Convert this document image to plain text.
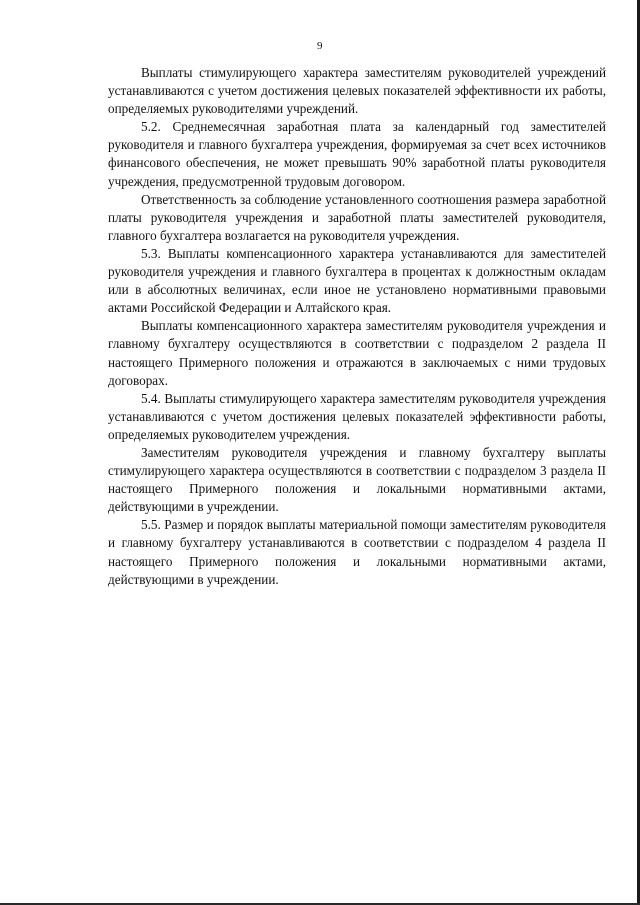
9

Выплаты стимулирующего характера заместителям руководителей учреждений устанавливаются с учетом достижения целевых показателей эффективности их работы, определяемых руководителями учреждений.

5.2. Среднемесячная заработная плата за календарный год заместителей руководителя и главного бухгалтера учреждения, формируемая за счет всех источников финансового обеспечения, не может превышать 90% заработной платы руководителя учреждения, предусмотренной трудовым договором.

Ответственность за соблюдение установленного соотношения размера заработной платы руководителя учреждения и заработной платы заместителей руководителя, главного бухгалтера возлагается на руководителя учреждения.

5.3. Выплаты компенсационного характера устанавливаются для заместителей руководителя учреждения и главного бухгалтера в процентах к должностным окладам или в абсолютных величинах, если иное не установлено нормативными правовыми актами Российской Федерации и Алтайского края.

Выплаты компенсационного характера заместителям руководителя учреждения и главному бухгалтеру осуществляются в соответствии с подразделом 2 раздела II настоящего Примерного положения и отражаются в заключаемых с ними трудовых договорах.

5.4. Выплаты стимулирующего характера заместителям руководителя учреждения устанавливаются с учетом достижения целевых показателей эффективности работы, определяемых руководителем учреждения.

Заместителям руководителя учреждения и главному бухгалтеру выплаты стимулирующего характера осуществляются в соответствии с подразделом 3 раздела II настоящего Примерного положения и локальными нормативными актами, действующими в учреждении.

5.5. Размер и порядок выплаты материальной помощи заместителям руководителя и главному бухгалтеру устанавливаются в соответствии с подразделом 4 раздела II настоящего Примерного положения и локальными нормативными актами, действующими в учреждении.
